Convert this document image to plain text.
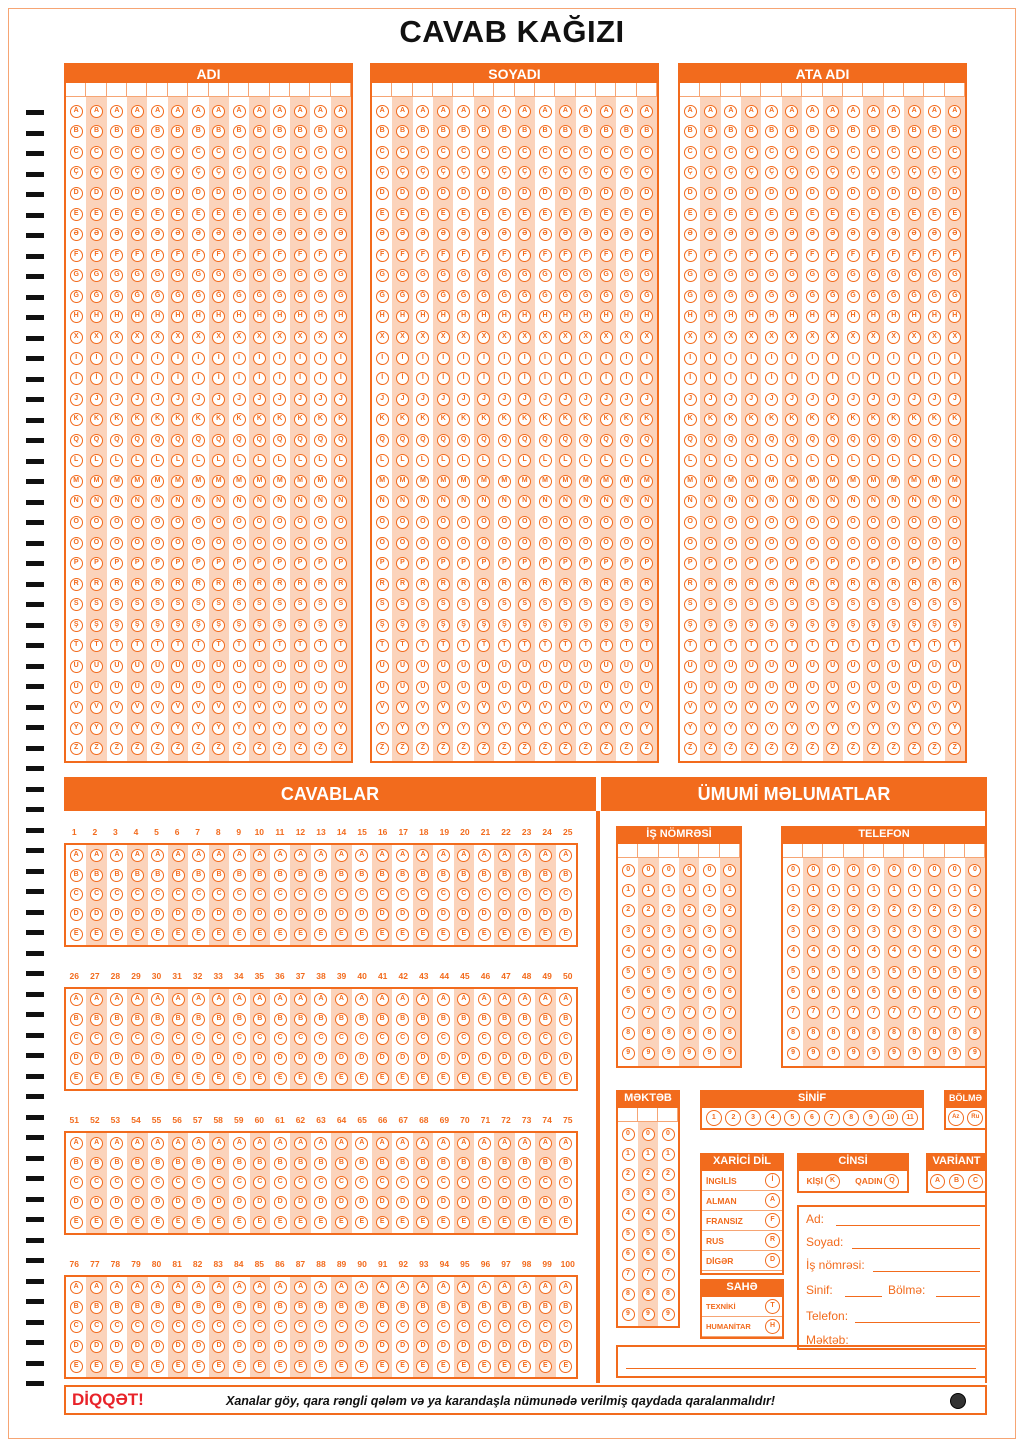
CAVAB KAĞIZI
ADI
A	A	A	A	A	A	A	A	A	A	A	A	A	A
B	B	B	B	B	B	B	B	B	B	B	B	B	B
C	C	C	C	C	C	C	C	C	C	C	C	C	C
Ç	Ç	Ç	Ç	Ç	Ç	Ç	Ç	Ç	Ç	Ç	Ç	Ç	Ç
D	D	D	D	D	D	D	D	D	D	D	D	D	D
E	E	E	E	E	E	E	E	E	E	E	E	E	E
Ə	Ə	Ə	Ə	Ə	Ə	Ə	Ə	Ə	Ə	Ə	Ə	Ə	Ə
F	F	F	F	F	F	F	F	F	F	F	F	F	F
G	G	G	G	G	G	G	G	G	G	G	G	G	G
Ğ	Ğ	Ğ	Ğ	Ğ	Ğ	Ğ	Ğ	Ğ	Ğ	Ğ	Ğ	Ğ	Ğ
H	H	H	H	H	H	H	H	H	H	H	H	H	H
X	X	X	X	X	X	X	X	X	X	X	X	X	X
I	I	I	I	I	I	I	I	I	I	I	I	I	I
İ	İ	İ	İ	İ	İ	İ	İ	İ	İ	İ	İ	İ	İ
J	J	J	J	J	J	J	J	J	J	J	J	J	J
K	K	K	K	K	K	K	K	K	K	K	K	K	K
Q	Q	Q	Q	Q	Q	Q	Q	Q	Q	Q	Q	Q	Q
L	L	L	L	L	L	L	L	L	L	L	L	L	L
M	M	M	M	M	M	M	M	M	M	M	M	M	M
N	N	N	N	N	N	N	N	N	N	N	N	N	N
O	O	O	O	O	O	O	O	O	O	O	O	O	O
Ö	Ö	Ö	Ö	Ö	Ö	Ö	Ö	Ö	Ö	Ö	Ö	Ö	Ö
P	P	P	P	P	P	P	P	P	P	P	P	P	P
R	R	R	R	R	R	R	R	R	R	R	R	R	R
S	S	S	S	S	S	S	S	S	S	S	S	S	S
Ş	Ş	Ş	Ş	Ş	Ş	Ş	Ş	Ş	Ş	Ş	Ş	Ş	Ş
T	T	T	T	T	T	T	T	T	T	T	T	T	T
U	U	U	U	U	U	U	U	U	U	U	U	U	U
Ü	Ü	Ü	Ü	Ü	Ü	Ü	Ü	Ü	Ü	Ü	Ü	Ü	Ü
V	V	V	V	V	V	V	V	V	V	V	V	V	V
Y	Y	Y	Y	Y	Y	Y	Y	Y	Y	Y	Y	Y	Y
Z	Z	Z	Z	Z	Z	Z	Z	Z	Z	Z	Z	Z	Z
SOYADI
A	A	A	A	A	A	A	A	A	A	A	A	A	A
B	B	B	B	B	B	B	B	B	B	B	B	B	B
C	C	C	C	C	C	C	C	C	C	C	C	C	C
Ç	Ç	Ç	Ç	Ç	Ç	Ç	Ç	Ç	Ç	Ç	Ç	Ç	Ç
D	D	D	D	D	D	D	D	D	D	D	D	D	D
E	E	E	E	E	E	E	E	E	E	E	E	E	E
Ə	Ə	Ə	Ə	Ə	Ə	Ə	Ə	Ə	Ə	Ə	Ə	Ə	Ə
F	F	F	F	F	F	F	F	F	F	F	F	F	F
G	G	G	G	G	G	G	G	G	G	G	G	G	G
Ğ	Ğ	Ğ	Ğ	Ğ	Ğ	Ğ	Ğ	Ğ	Ğ	Ğ	Ğ	Ğ	Ğ
H	H	H	H	H	H	H	H	H	H	H	H	H	H
X	X	X	X	X	X	X	X	X	X	X	X	X	X
I	I	I	I	I	I	I	I	I	I	I	I	I	I
İ	İ	İ	İ	İ	İ	İ	İ	İ	İ	İ	İ	İ	İ
J	J	J	J	J	J	J	J	J	J	J	J	J	J
K	K	K	K	K	K	K	K	K	K	K	K	K	K
Q	Q	Q	Q	Q	Q	Q	Q	Q	Q	Q	Q	Q	Q
L	L	L	L	L	L	L	L	L	L	L	L	L	L
M	M	M	M	M	M	M	M	M	M	M	M	M	M
N	N	N	N	N	N	N	N	N	N	N	N	N	N
O	O	O	O	O	O	O	O	O	O	O	O	O	O
Ö	Ö	Ö	Ö	Ö	Ö	Ö	Ö	Ö	Ö	Ö	Ö	Ö	Ö
P	P	P	P	P	P	P	P	P	P	P	P	P	P
R	R	R	R	R	R	R	R	R	R	R	R	R	R
S	S	S	S	S	S	S	S	S	S	S	S	S	S
Ş	Ş	Ş	Ş	Ş	Ş	Ş	Ş	Ş	Ş	Ş	Ş	Ş	Ş
T	T	T	T	T	T	T	T	T	T	T	T	T	T
U	U	U	U	U	U	U	U	U	U	U	U	U	U
Ü	Ü	Ü	Ü	Ü	Ü	Ü	Ü	Ü	Ü	Ü	Ü	Ü	Ü
V	V	V	V	V	V	V	V	V	V	V	V	V	V
Y	Y	Y	Y	Y	Y	Y	Y	Y	Y	Y	Y	Y	Y
Z	Z	Z	Z	Z	Z	Z	Z	Z	Z	Z	Z	Z	Z
ATA ADI
A	A	A	A	A	A	A	A	A	A	A	A	A	A
B	B	B	B	B	B	B	B	B	B	B	B	B	B
C	C	C	C	C	C	C	C	C	C	C	C	C	C
Ç	Ç	Ç	Ç	Ç	Ç	Ç	Ç	Ç	Ç	Ç	Ç	Ç	Ç
D	D	D	D	D	D	D	D	D	D	D	D	D	D
E	E	E	E	E	E	E	E	E	E	E	E	E	E
Ə	Ə	Ə	Ə	Ə	Ə	Ə	Ə	Ə	Ə	Ə	Ə	Ə	Ə
F	F	F	F	F	F	F	F	F	F	F	F	F	F
G	G	G	G	G	G	G	G	G	G	G	G	G	G
Ğ	Ğ	Ğ	Ğ	Ğ	Ğ	Ğ	Ğ	Ğ	Ğ	Ğ	Ğ	Ğ	Ğ
H	H	H	H	H	H	H	H	H	H	H	H	H	H
X	X	X	X	X	X	X	X	X	X	X	X	X	X
I	I	I	I	I	I	I	I	I	I	I	I	I	I
İ	İ	İ	İ	İ	İ	İ	İ	İ	İ	İ	İ	İ	İ
J	J	J	J	J	J	J	J	J	J	J	J	J	J
K	K	K	K	K	K	K	K	K	K	K	K	K	K
Q	Q	Q	Q	Q	Q	Q	Q	Q	Q	Q	Q	Q	Q
L	L	L	L	L	L	L	L	L	L	L	L	L	L
M	M	M	M	M	M	M	M	M	M	M	M	M	M
N	N	N	N	N	N	N	N	N	N	N	N	N	N
O	O	O	O	O	O	O	O	O	O	O	O	O	O
Ö	Ö	Ö	Ö	Ö	Ö	Ö	Ö	Ö	Ö	Ö	Ö	Ö	Ö
P	P	P	P	P	P	P	P	P	P	P	P	P	P
R	R	R	R	R	R	R	R	R	R	R	R	R	R
S	S	S	S	S	S	S	S	S	S	S	S	S	S
Ş	Ş	Ş	Ş	Ş	Ş	Ş	Ş	Ş	Ş	Ş	Ş	Ş	Ş
T	T	T	T	T	T	T	T	T	T	T	T	T	T
U	U	U	U	U	U	U	U	U	U	U	U	U	U
Ü	Ü	Ü	Ü	Ü	Ü	Ü	Ü	Ü	Ü	Ü	Ü	Ü	Ü
V	V	V	V	V	V	V	V	V	V	V	V	V	V
Y	Y	Y	Y	Y	Y	Y	Y	Y	Y	Y	Y	Y	Y
Z	Z	Z	Z	Z	Z	Z	Z	Z	Z	Z	Z	Z	Z
CAVABLAR	ÜMUMİ MƏLUMATLAR
1	2	3	4	5	6	7	8	9	10	11	12	13	14	15	16	17	18	19	20	21	22	23	24	25
A	A	A	A	A	A	A	A	A	A	A	A	A	A	A	A	A	A	A	A	A	A	A	A	A
B	B	B	B	B	B	B	B	B	B	B	B	B	B	B	B	B	B	B	B	B	B	B	B	B
C	C	C	C	C	C	C	C	C	C	C	C	C	C	C	C	C	C	C	C	C	C	C	C	C
D	D	D	D	D	D	D	D	D	D	D	D	D	D	D	D	D	D	D	D	D	D	D	D	D
E	E	E	E	E	E	E	E	E	E	E	E	E	E	E	E	E	E	E	E	E	E	E	E	E
26	27	28	29	30	31	32	33	34	35	36	37	38	39	40	41	42	43	44	45	46	47	48	49	50
A	A	A	A	A	A	A	A	A	A	A	A	A	A	A	A	A	A	A	A	A	A	A	A	A
B	B	B	B	B	B	B	B	B	B	B	B	B	B	B	B	B	B	B	B	B	B	B	B	B
C	C	C	C	C	C	C	C	C	C	C	C	C	C	C	C	C	C	C	C	C	C	C	C	C
D	D	D	D	D	D	D	D	D	D	D	D	D	D	D	D	D	D	D	D	D	D	D	D	D
E	E	E	E	E	E	E	E	E	E	E	E	E	E	E	E	E	E	E	E	E	E	E	E	E
51	52	53	54	55	56	57	58	59	60	61	62	63	64	65	66	67	68	69	70	71	72	73	74	75
A	A	A	A	A	A	A	A	A	A	A	A	A	A	A	A	A	A	A	A	A	A	A	A	A
B	B	B	B	B	B	B	B	B	B	B	B	B	B	B	B	B	B	B	B	B	B	B	B	B
C	C	C	C	C	C	C	C	C	C	C	C	C	C	C	C	C	C	C	C	C	C	C	C	C
D	D	D	D	D	D	D	D	D	D	D	D	D	D	D	D	D	D	D	D	D	D	D	D	D
E	E	E	E	E	E	E	E	E	E	E	E	E	E	E	E	E	E	E	E	E	E	E	E	E
76	77	78	79	80	81	82	83	84	85	86	87	88	89	90	91	92	93	94	95	96	97	98	99	100
A	A	A	A	A	A	A	A	A	A	A	A	A	A	A	A	A	A	A	A	A	A	A	A	A
B	B	B	B	B	B	B	B	B	B	B	B	B	B	B	B	B	B	B	B	B	B	B	B	B
C	C	C	C	C	C	C	C	C	C	C	C	C	C	C	C	C	C	C	C	C	C	C	C	C
D	D	D	D	D	D	D	D	D	D	D	D	D	D	D	D	D	D	D	D	D	D	D	D	D
E	E	E	E	E	E	E	E	E	E	E	E	E	E	E	E	E	E	E	E	E	E	E	E	E
İŞ NÖMRƏSİ
0	0	0	0	0	0
1	1	1	1	1	1
2	2	2	2	2	2
3	3	3	3	3	3
4	4	4	4	4	4
5	5	5	5	5	5
6	6	6	6	6	6
7	7	7	7	7	7
8	8	8	8	8	8
9	9	9	9	9	9
TELEFON
0	0	0	0	0	0	0	0	0	0
1	1	1	1	1	1	1	1	1	1
2	2	2	2	2	2	2	2	2	2
3	3	3	3	3	3	3	3	3	3
4	4	4	4	4	4	4	4	4	4
5	5	5	5	5	5	5	5	5	5
6	6	6	6	6	6	6	6	6	6
7	7	7	7	7	7	7	7	7	7
8	8	8	8	8	8	8	8	8	8
9	9	9	9	9	9	9	9	9	9
MƏKTƏB
0	0	0
1	1	1
2	2	2
3	3	3
4	4	4
5	5	5
6	6	6
7	7	7
8	8	8
9	9	9
SİNİF
1	2	3	4	5	6	7	8	9	10	11
BÖLMƏ
Az	Ru
XARİCİ DİL
İNGİLİS	İ
ALMAN	A
FRANSIZ	F
RUS	R
DİGƏR	D
SAHƏ
TEXNİKİ	T
HUMANİTAR	H
CİNSİ
KİŞİ K	QADIN Q
VARİANT
A	B	C
Ad:
Soyad:
İş nömrəsi:
Sinif:
Telefon:
Məktəb:
Bölmə:
DİQQƏT!	Xanalar göy, qara rəngli qələm və ya karandaşla nümunədə verilmiş qaydada qaralanmalıdır!
